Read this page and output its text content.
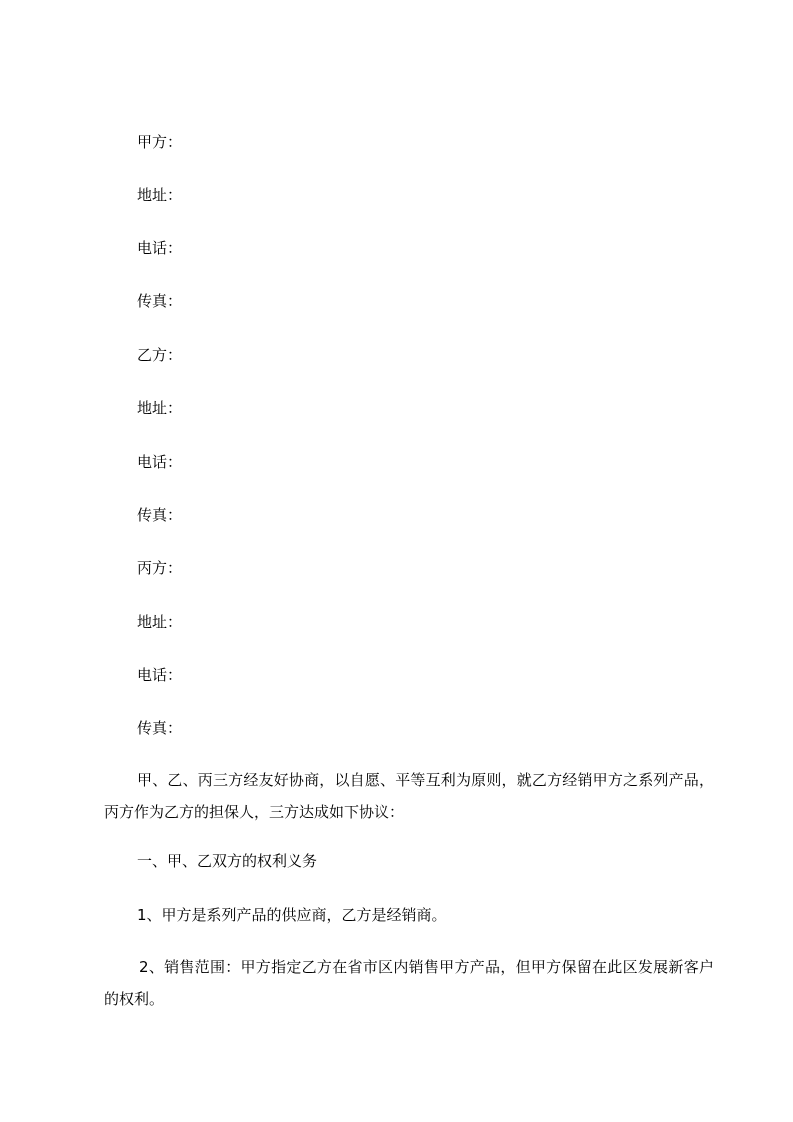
甲方：
地址：
电话：
传真：
乙方：
地址：
电话：
传真：
丙方：
地址：
电话：
传真：
甲、乙、丙三方经友好协商，以自愿、平等互利为原则，就乙方经销甲方之系列产品，丙方作为乙方的担保人，三方达成如下协议：
一、甲、乙双方的权利义务
1、甲方是系列产品的供应商，乙方是经销商。
2、销售范围：甲方指定乙方在省市区内销售甲方产品，但甲方保留在此区发展新客户的权利。
